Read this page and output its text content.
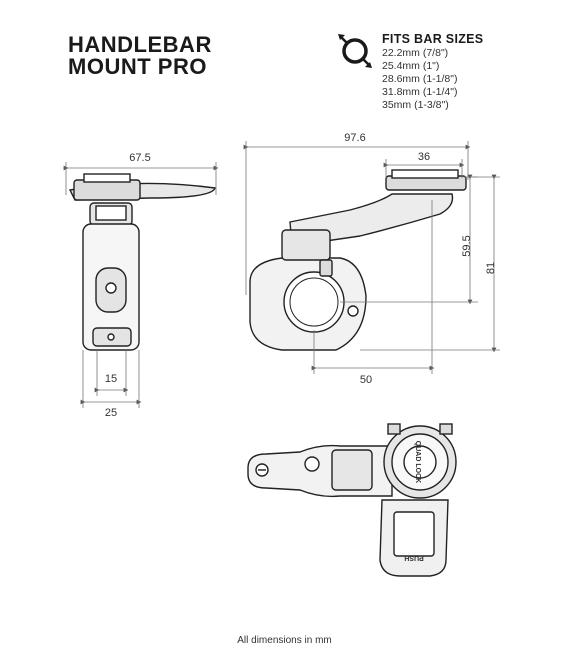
HANDLEBAR
MOUNT PRO
FITS BAR SIZES
22.2mm (7/8")
25.4mm (1")
28.6mm (1-1/8")
31.8mm (1-1/4")
35mm (1-3/8")
67.5
15
25
97.6
36
59.5
81
50
QUAD LOCK
PUSH
All dimensions in mm
